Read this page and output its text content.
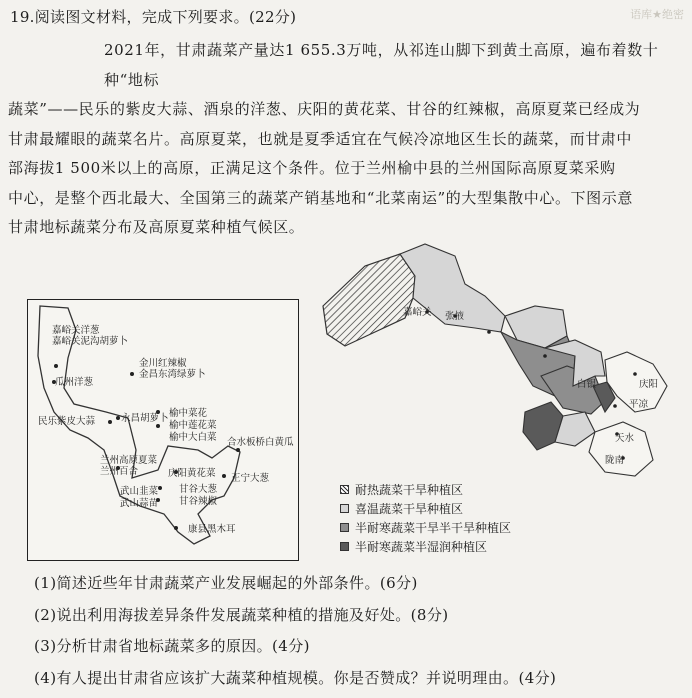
语库★绝密
19.阅读图文材料，完成下列要求。(22分)

2021年，甘肃蔬菜产量达1 655.3万吨，从祁连山脚下到黄土高原，遍布着数十种“地标

蔬菜”——民乐的紫皮大蒜、酒泉的洋葱、庆阳的黄花菜、甘谷的红辣椒，高原夏菜已经成为

甘肃最耀眼的蔬菜名片。高原夏菜，也就是夏季适宜在气候冷凉地区生长的蔬菜，而甘肃中

部海拔1 500米以上的高原，正满足这个条件。位于兰州榆中县的兰州国际高原夏菜采购

中心，是整个西北最大、全国第三的蔬菜产销基地和“北菜南运”的大型集散中心。下图示意

甘肃地标蔬菜分布及高原夏菜种植气候区。

嘉峪关洋葱
嘉峪关泥沟胡萝卜
瓜州洋葱
金川红辣椒
金昌东湾绿萝卜
永昌胡萝卜
民乐紫皮大蒜
榆中菜花
榆中莲花菜
榆中大白菜 合水板桥白黄瓜
兰州高原夏菜
兰州百合	庆阳黄花菜 正宁大葱
甘谷大葱
武山韭菜
甘谷辣椒
武山蒜苗
康县黑木耳
嘉峪关 张掖
庆阳
白银
平凉
天水
陇南
耐热蔬菜干旱种植区
喜温蔬菜干旱种植区
半耐寒蔬菜干旱半干旱种植区
半耐寒蔬菜半湿润种植区
(1)简述近些年甘肃蔬菜产业发展崛起的外部条件。(6分)
(2)说出利用海拔差异条件发展蔬菜种植的措施及好处。(8分)
(3)分析甘肃省地标蔬菜多的原因。(4分)
(4)有人提出甘肃省应该扩大蔬菜种植规模。你是否赞成？并说明理由。(4分)
